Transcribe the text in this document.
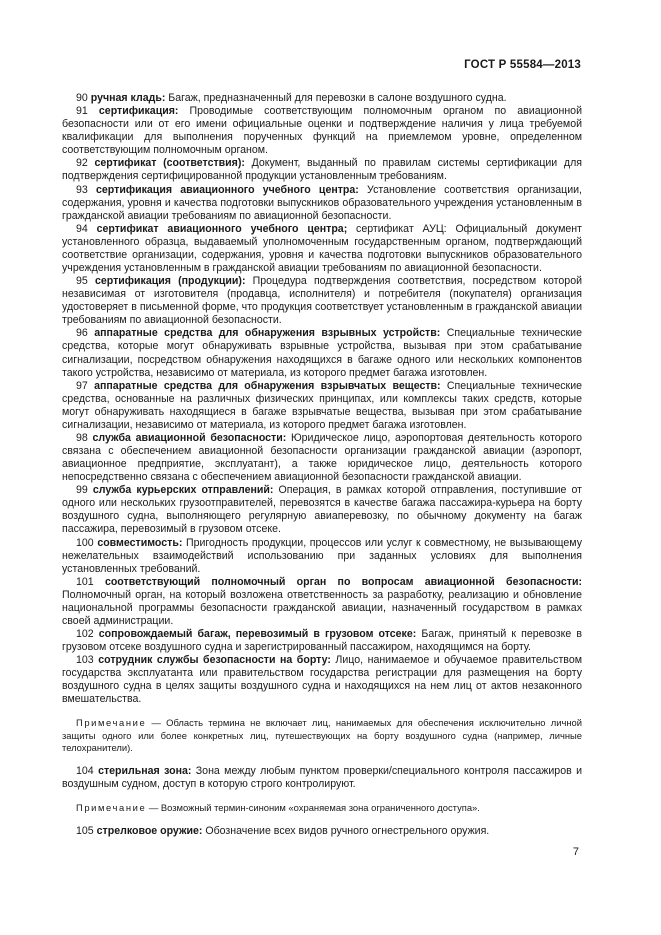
ГОСТ Р 55584—2013

90 ручная кладь: Багаж, предназначенный для перевозки в салоне воздушного судна.

91 сертификация: Проводимые соответствующим полномочным органом по авиационной безопасности или от его имени официальные оценки и подтверждение наличия у лица требуемой квалификации для выполнения порученных функций на приемлемом уровне, определенном соответствующим полномочным органом.

92 сертификат (соответствия): Документ, выданный по правилам системы сертификации для подтверждения сертифицированной продукции установленным требованиям.

93 сертификация авиационного учебного центра: Установление соответствия организации, содержания, уровня и качества подготовки выпускников образовательного учреждения установленным в гражданской авиации требованиям по авиационной безопасности.

94 сертификат авиационного учебного центра; сертификат АУЦ: Официальный документ установленного образца, выдаваемый уполномоченным государственным органом, подтверждающий соответствие организации, содержания, уровня и качества подготовки выпускников образовательного учреждения установленным в гражданской авиации требованиям по авиационной безопасности.

95 сертификация (продукции): Процедура подтверждения соответствия, посредством которой независимая от изготовителя (продавца, исполнителя) и потребителя (покупателя) организация удостоверяет в письменной форме, что продукция соответствует установленным в гражданской авиации требованиям по авиационной безопасности.

96 аппаратные средства для обнаружения взрывных устройств: Специальные технические средства, которые могут обнаруживать взрывные устройства, вызывая при этом срабатывание сигнализации, посредством обнаружения находящихся в багаже одного или нескольких компонентов такого устройства, независимо от материала, из которого предмет багажа изготовлен.

97 аппаратные средства для обнаружения взрывчатых веществ: Специальные технические средства, основанные на различных физических принципах, или комплексы таких средств, которые могут обнаруживать находящиеся в багаже взрывчатые вещества, вызывая при этом срабатывание сигнализации, независимо от материала, из которого предмет багажа изготовлен.

98 служба авиационной безопасности: Юридическое лицо, аэропортовая деятельность которого связана с обеспечением авиационной безопасности организации гражданской авиации (аэропорт, авиационное предприятие, эксплуатант), а также юридическое лицо, деятельность которого непосредственно связана с обеспечением авиационной безопасности гражданской авиации.

99 служба курьерских отправлений: Операция, в рамках которой отправления, поступившие от одного или нескольких грузоотправителей, перевозятся в качестве багажа пассажира-курьера на борту воздушного судна, выполняющего регулярную авиаперевозку, по обычному документу на багаж пассажира, перевозимый в грузовом отсеке.

100 совместимость: Пригодность продукции, процессов или услуг к совместному, не вызывающему нежелательных взаимодействий использованию при заданных условиях для выполнения установленных требований.

101 соответствующий полномочный орган по вопросам авиационной безопасности: Полномочный орган, на который возложена ответственность за разработку, реализацию и обновление национальной программы безопасности гражданской авиации, назначенный государством в рамках своей администрации.

102 сопровождаемый багаж, перевозимый в грузовом отсеке: Багаж, принятый к перевозке в грузовом отсеке воздушного судна и зарегистрированный пассажиром, находящимся на борту.

103 сотрудник службы безопасности на борту: Лицо, нанимаемое и обучаемое правительством государства эксплуатанта или правительством государства регистрации для размещения на борту воздушного судна в целях защиты воздушного судна и находящихся на нем лиц от актов незаконного вмешательства.

Примечание — Область термина не включает лиц, нанимаемых для обеспечения исключительно личной защиты одного или более конкретных лиц, путешествующих на борту воздушного судна (например, личные телохранители).

104 стерильная зона: Зона между любым пунктом проверки/специального контроля пассажиров и воздушным судном, доступ в которую строго контролируют.

Примечание — Возможный термин-синоним «охраняемая зона ограниченного доступа».

105 стрелковое оружие: Обозначение всех видов ручного огнестрельного оружия.

7
